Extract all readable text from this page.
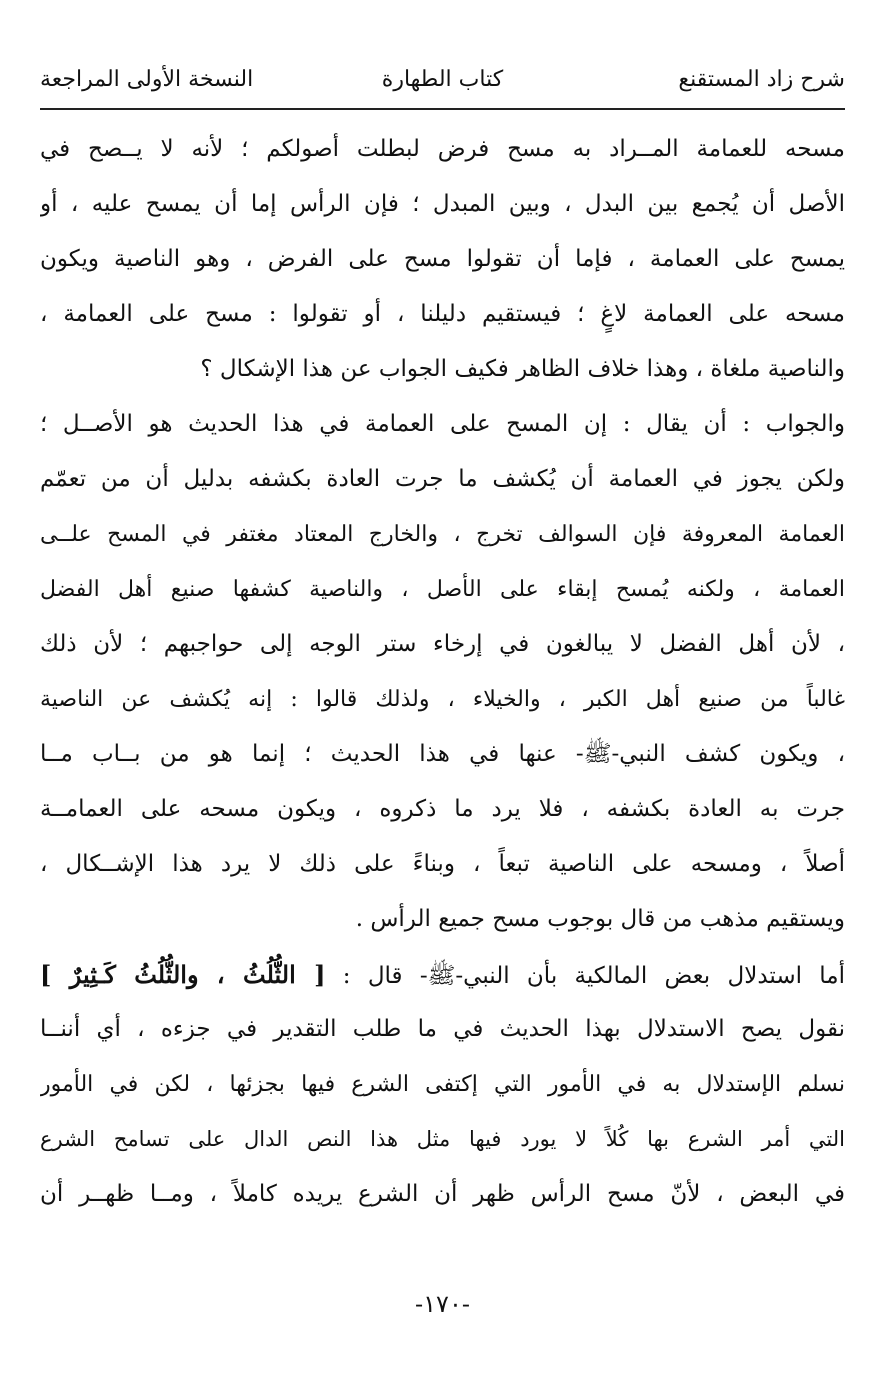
شرح زاد المستقنع
كتاب الطهارة
النسخة الأولى المراجعة
مسحه للعمامة المــراد به مسح فرض لبطلت أصولكم ؛ لأنه لا يــصح في
الأصل أن يُجمع بين البدل ، وبين المبدل ؛ فإن الرأس إما أن يمسح عليه ، أو
يمسح على العمامة ، فإما أن تقولوا مسح على الفرض ، وهو الناصية ويكون
مسحه على العمامة لاغٍ ؛ فيستقيم دليلنا ، أو تقولوا : مسح على العمامة ،
والناصية ملغاة ، وهذا خلاف الظاهر فكيف الجواب عن هذا الإشكال ؟
والجواب : أن يقال : إن المسح على العمامة في هذا الحديث هو الأصــل ؛
ولكن يجوز في العمامة أن يُكشف ما جرت العادة بكشفه بدليل أن من تعمّم
العمامة المعروفة فإن السوالف تخرج ، والخارج المعتاد مغتفر في المسح علــى
العمامة ، ولكنه يُمسح إبقاء على الأصل ، والناصية كشفها صنيع أهل الفضل
، لأن أهل الفضل لا يبالغون في إرخاء ستر الوجه إلى حواجبهم ؛ لأن ذلك
غالباً من صنيع أهل الكبر ، والخيلاء ، ولذلك قالوا : إنه يُكشف عن الناصية
، ويكون كشف النبي-ﷺ- عنها في هذا الحديث ؛ إنما هو من بــاب مــا
جرت به العادة بكشفه ، فلا يرد ما ذكروه ، ويكون مسحه على العمامــة
أصلاً ، ومسحه على الناصية تبعاً ، وبناءً على ذلك لا يرد هذا الإشــكال ،
ويستقيم مذهب من قال بوجوب مسح جميع الرأس .
أما استدلال بعض المالكية بأن النبي-ﷺ- قال : [ الثُّلُثُ ، والثُّلُثُ كَـثِيرٌ ]
نقول يصح الاستدلال بهذا الحديث في ما طلب التقدير في جزءه ، أي أننــا
نسلم الإستدلال به في الأمور التي إكتفى الشرع فيها بجزئها ، لكن في الأمور
التي أمر الشرع بها كُلاً لا يورد فيها مثل هذا النص الدال على تسامح الشرع
في البعض ، لأنّ مسح الرأس ظهر أن الشرع يريده كاملاً ، ومــا ظهــر أن
-١٧٠-
